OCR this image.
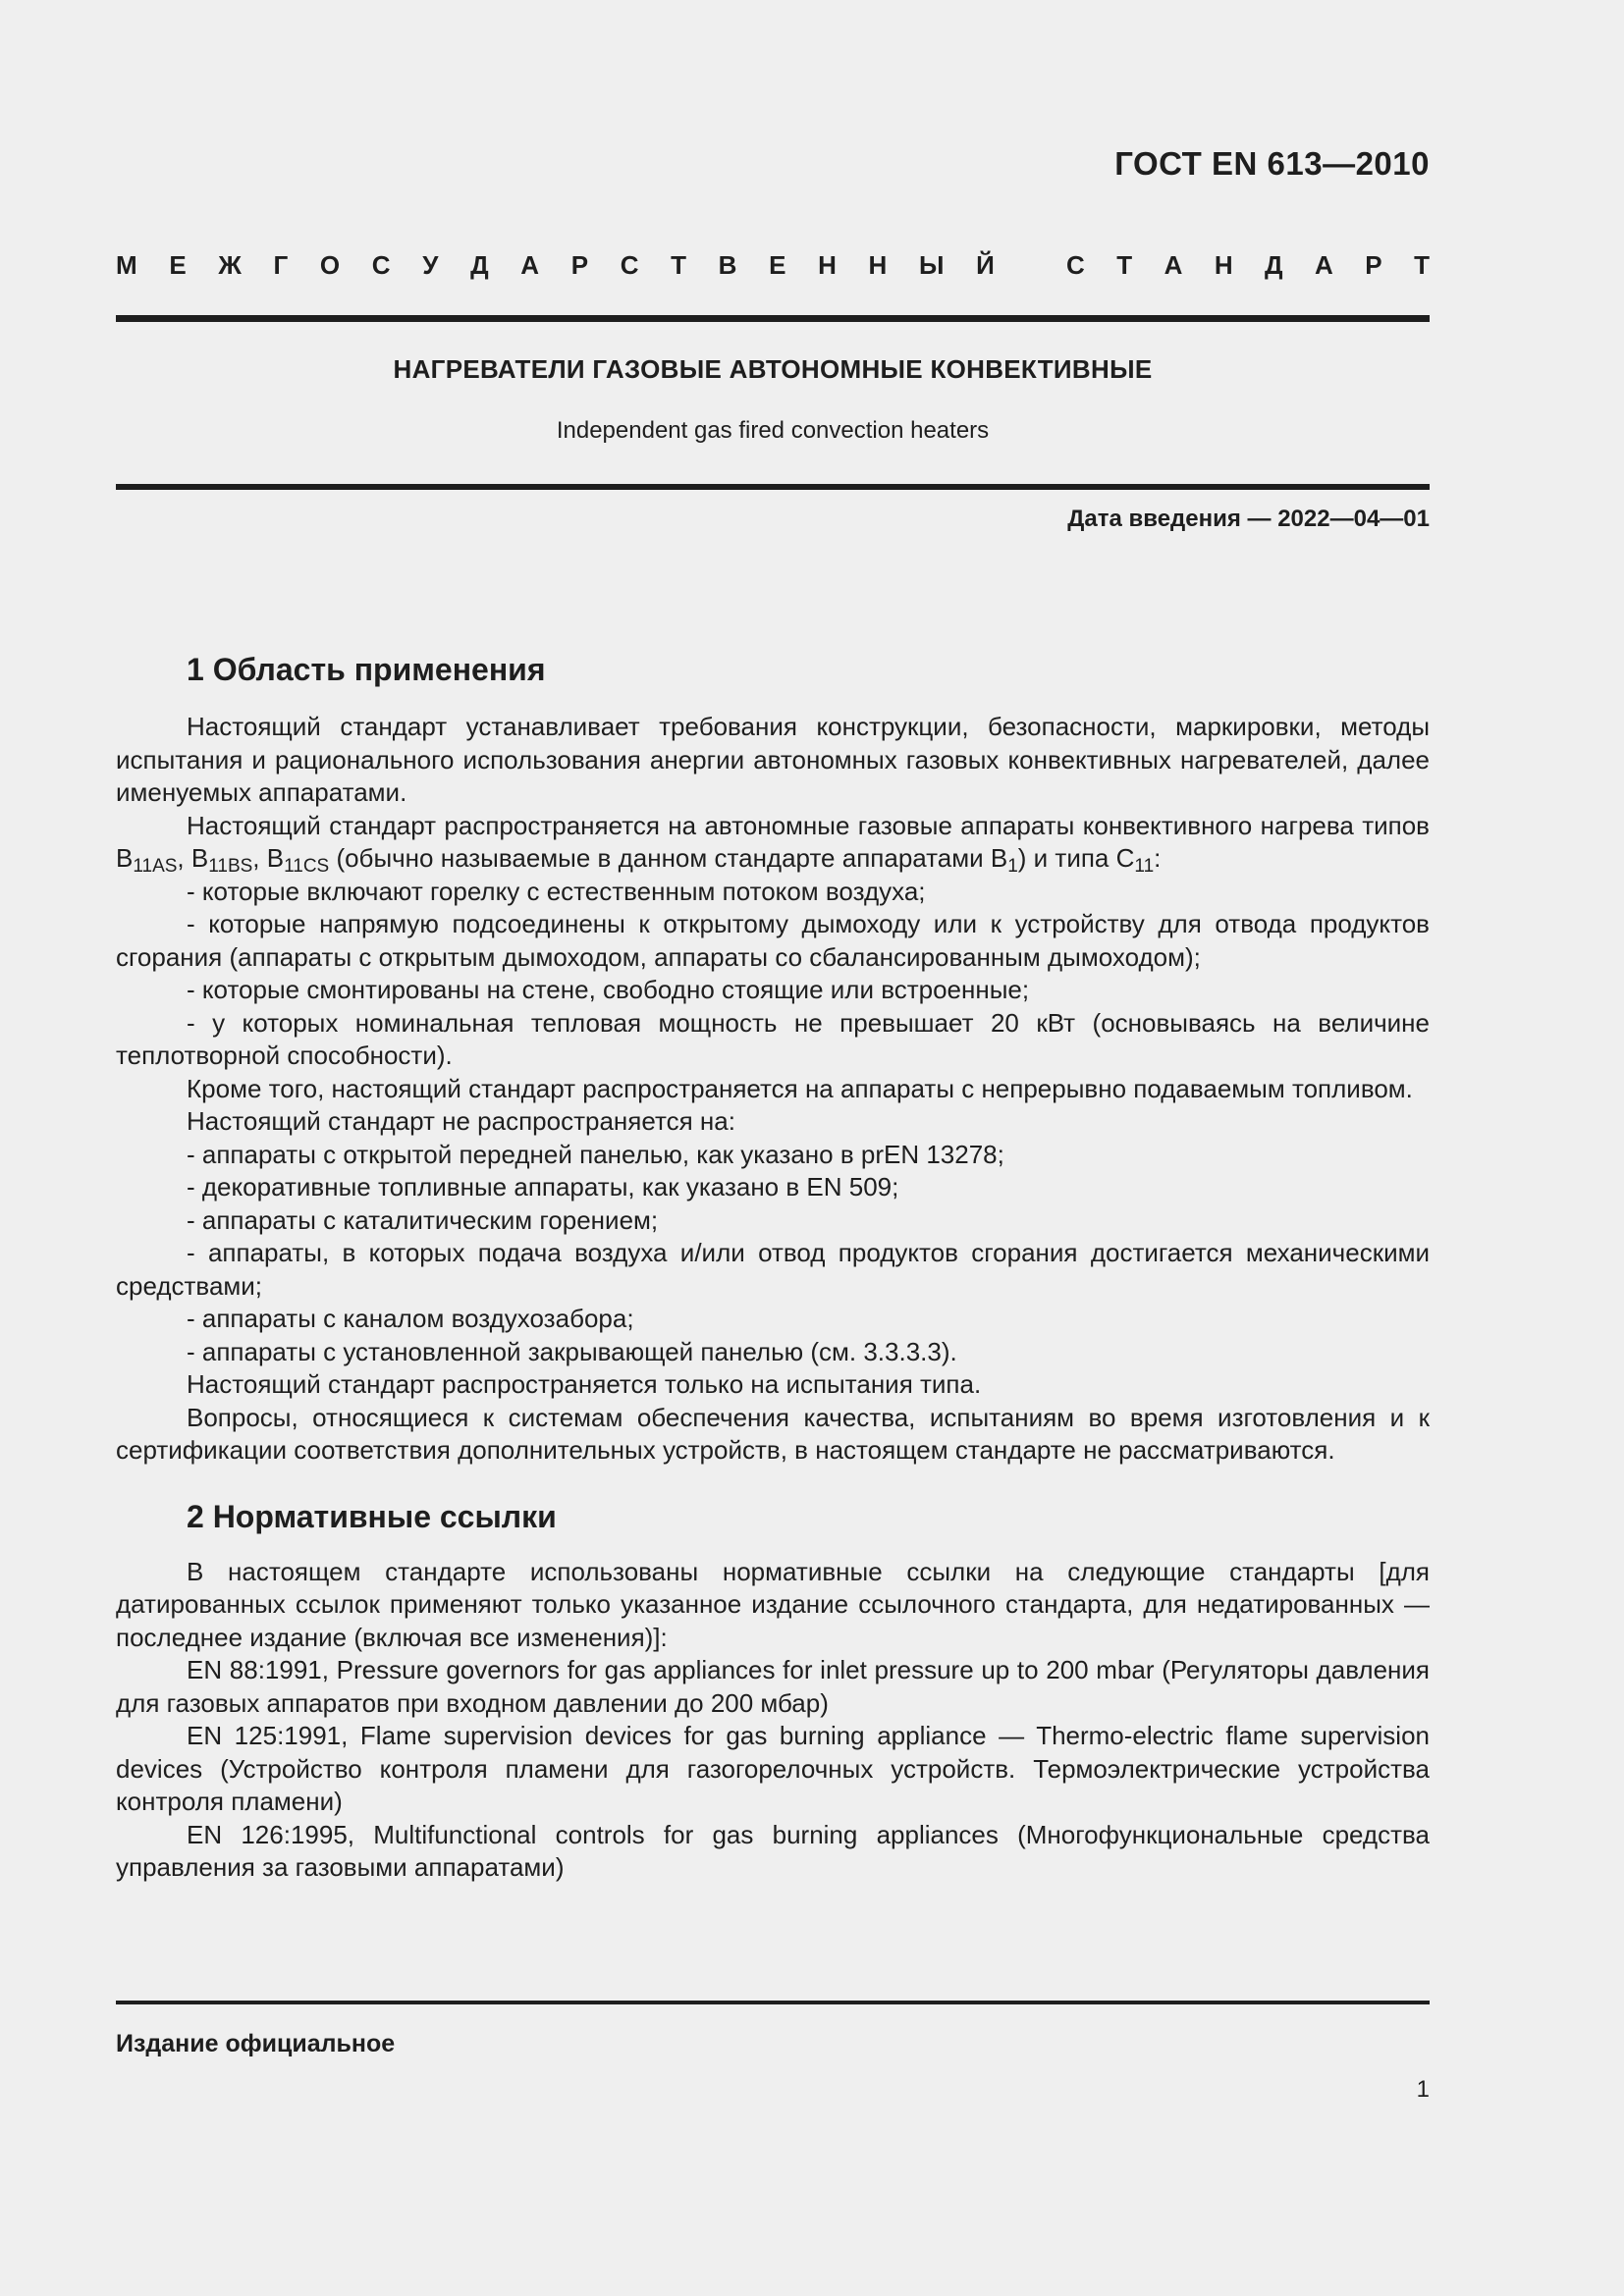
ГОСТ EN 613—2010
М Е Ж Г О С У Д А Р С Т В Е Н Н Ы Й	С Т А Н Д А Р Т
НАГРЕВАТЕЛИ ГАЗОВЫЕ АВТОНОМНЫЕ КОНВЕКТИВНЫЕ
Independent gas fired convection heaters
Дата введения — 2022—04—01
1 Область применения

Настоящий стандарт устанавливает требования конструкции, безопасности, маркировки, методы испытания и рационального использования анергии автономных газовых конвективных нагревателей, далее именуемых аппаратами.

Настоящий стандарт распространяется на автономные газовые аппараты конвективного нагрева типов $B_{11AS}$, $B_{11BS}$, $B_{11CS}$ (обычно называемые в данном стандарте аппаратами $B_1$) и типа $C_{11}$:

- которые включают горелку с естественным потоком воздуха;

- которые напрямую подсоединены к открытому дымоходу или к устройству для отвода продуктов сгорания (аппараты с открытым дымоходом, аппараты со сбалансированным дымоходом);

- которые смонтированы на стене, свободно стоящие или встроенные;

- у которых номинальная тепловая мощность не превышает 20 кВт (основываясь на величине теплотворной способности).

Кроме того, настоящий стандарт распространяется на аппараты с непрерывно подаваемым топливом.

Настоящий стандарт не распространяется на:

- аппараты с открытой передней панелью, как указано в prEN 13278;

- декоративные топливные аппараты, как указано в EN 509;

- аппараты с каталитическим горением;

- аппараты, в которых подача воздуха и/или отвод продуктов сгорания достигается механическими средствами;

- аппараты с каналом воздухозабора;

- аппараты с установленной закрывающей панелью (см. 3.3.3.3).

Настоящий стандарт распространяется только на испытания типа.

Вопросы, относящиеся к системам обеспечения качества, испытаниям во время изготовления и к сертификации соответствия дополнительных устройств, в настоящем стандарте не рассматриваются.

2 Нормативные ссылки

В настоящем стандарте использованы нормативные ссылки на следующие стандарты [для датированных ссылок применяют только указанное издание ссылочного стандарта, для недатированных — последнее издание (включая все изменения)]:

EN 88:1991, Pressure governors for gas appliances for inlet pressure up to 200 mbar (Регуляторы давления для газовых аппаратов при входном давлении до 200 мбар)

EN 125:1991, Flame supervision devices for gas burning appliance — Thermo-electric flame supervision devices (Устройство контроля пламени для газогорелочных устройств. Термоэлектрические устройства контроля пламени)

EN 126:1995, Multifunctional controls for gas burning appliances (Многофункциональные средства управления за газовыми аппаратами)

Издание официальное
1
